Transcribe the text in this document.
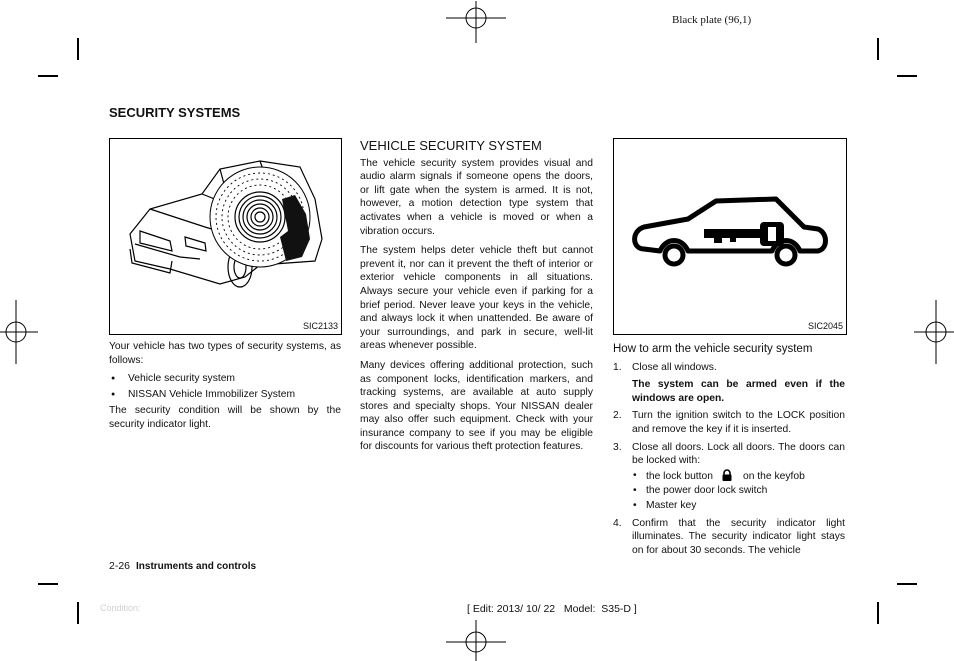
Black plate (96,1)
SECURITY SYSTEMS
SIC2133	SIC2045

Your vehicle has two types of security systems, as follows:

● Vehicle security system
● NISSAN Vehicle Immobilizer System

The security condition will be shown by the security indicator light.

VEHICLE SECURITY SYSTEM

The vehicle security system provides visual and audio alarm signals if someone opens the doors, or lift gate when the system is armed. It is not, however, a motion detection type system that activates when a vehicle is moved or when a vibration occurs.

The system helps deter vehicle theft but cannot prevent it, nor can it prevent the theft of interior or exterior vehicle components in all situations. Always secure your vehicle even if parking for a brief period. Never leave your keys in the vehicle, and always lock it when unattended. Be aware of your surroundings, and park in secure, well-lit areas whenever possible.

Many devices offering additional protection, such as component locks, identification markers, and tracking systems, are available at auto supply stores and specialty shops. Your NISSAN dealer may also offer such equipment. Check with your insurance company to see if you may be eligible for discounts for various theft protection features.

How to arm the vehicle security system
1. Close all windows.
The system can be armed even if the windows are open.
2. Turn the ignition switch to the LOCK position and remove the key if it is inserted.
3. Close all doors. Lock all doors. The doors can be locked with:
• the lock button	on the keyfob
• the power door lock switch
• Master key
4. Confirm that the security indicator light illuminates. The security indicator light stays on for about 30 seconds. The vehicle
2-26 Instruments and controls
Condition:	[ Edit: 2013/ 10/ 22   Model:  S35-D ]
